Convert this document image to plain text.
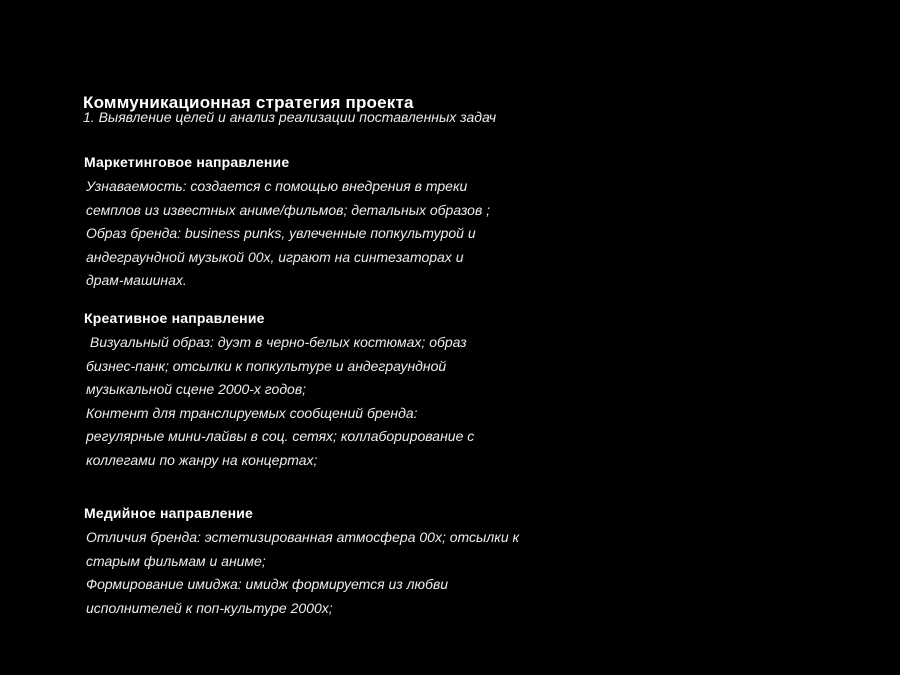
Коммуникационная стратегия проекта
1. Выявление целей и анализ реализации поставленных задач
Маркетинговое направление
Узнаваемость: создается с помощью внедрения в треки
семплов из известных аниме/фильмов; детальных образов ;
Образ бренда: business punks, увлеченные попкультурой и
андеграундной музыкой 00х, играют на синтезаторах и
драм-машинах.
Креативное направление
Визуальный образ: дуэт в черно-белых костюмах; образ
бизнес-панк; отсылки к попкультуре и андеграундной
музыкальной сцене 2000-х годов;
Контент для транслируемых сообщений бренда:
регулярные мини-лайвы в соц. сетях; коллаборирование с
коллегами по жанру на концертах;
Медийное направление
Отличия бренда: эстетизированная атмосфера 00х; отсылки к
старым фильмам и аниме;
Формирование имиджа: имидж формируется из любви
исполнителей к поп-культуре 2000х;
